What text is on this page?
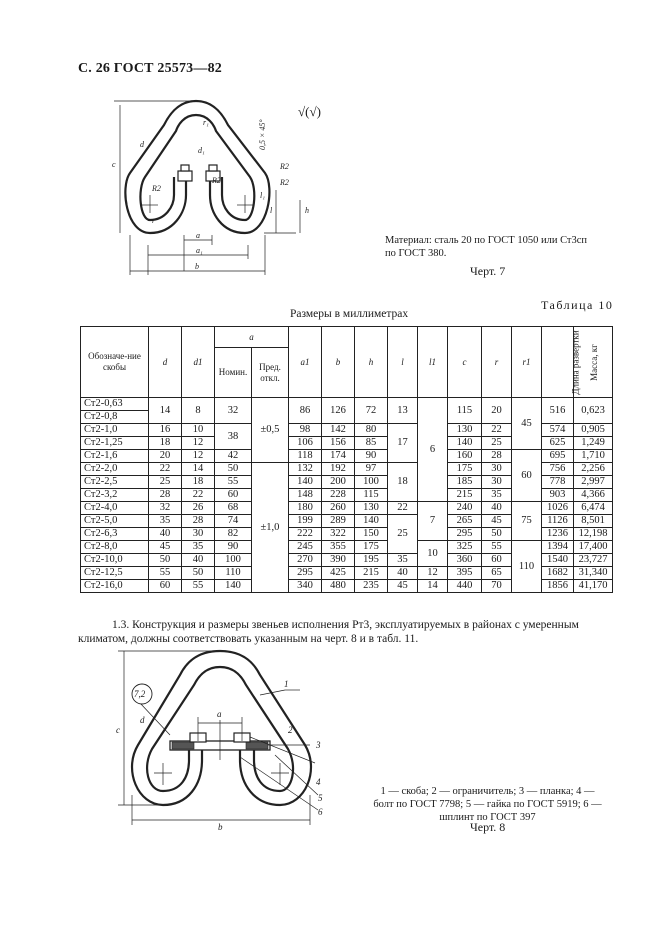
С. 26 ГОСТ 25573—82
√(√)
c
r₁
d
d₁
0,5 × 45°
R2
R2
R2
R2
l
l₁
h
a
a₁
b
r
Материал: сталь 20 по ГОСТ 1050 или Ст3сп по ГОСТ 380.
Черт. 7
Таблица 10
Размеры в миллиметрах
Обозначе-ние скобы	d	d1	a		a1	b	h	l	l1	c	r	r1	Длина развертки	Масса, кг
			Номин.	Пред. откл.										
Ст2-0,63	14	8	32	±0,5	86	126	72	13	6	115	20	45	516	0,623
Ст2-0,8														
Ст2-1,0	16	10	38		98	142	80	17		130	22		574	0,905
Ст2-1,25	18	12			106	156	85			140	25		625	1,249
Ст2-1,6	20	12	42		118	174	90			160	28	60	695	1,710
Ст2-2,0	22	14	50	±1,0	132	192	97	18		175	30		756	2,256
Ст2-2,5	25	18	55		140	200	100			185	30		778	2,997
Ст2-3,2	28	22	60		148	228	115			215	35		903	4,366
Ст2-4,0	32	26	68		180	260	130	22	7	240	40	75	1026	6,474
Ст2-5,0	35	28	74		199	289	140	25		265	45		1126	8,501
Ст2-6,3	40	30	82		222	322	150			295	50		1236	12,198
Ст2-8,0	45	35	90		245	355	175		10	325	55	110	1394	17,400
Ст2-10,0	50	40	100		270	390	195	35		360	60		1540	23,727
Ст2-12,5	55	50	110		295	425	215	40	12	395	65		1682	31,340
Ст2-16,0	60	55	140		340	480	235	45	14	440	70		1856	41,170
1.3. Конструкция и размеры звеньев исполнения Рт3, эксплуатируемых в районах с умеренным климатом, должны соответствовать указанным на черт. 8 и в табл. 11.
7,2
c
d
a
b
1
3
4
5
6
2
1 — скоба; 2 — ограничитель; 3 — планка; 4 — болт по ГОСТ 7798; 5 — гайка по ГОСТ 5919; 6 — шплинт по ГОСТ 397
Черт. 8
